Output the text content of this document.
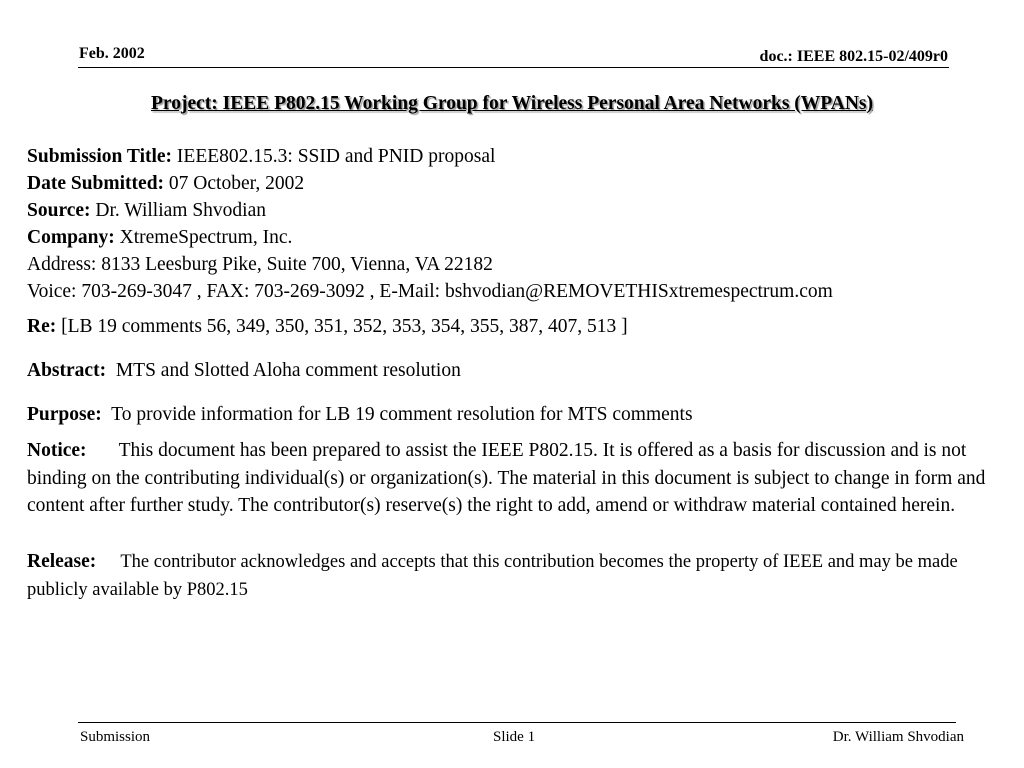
Feb. 2002	doc.: IEEE 802.15-02/409r0
Project: IEEE P802.15 Working Group for Wireless Personal Area Networks (WPANs)
Submission Title: IEEE802.15.3: SSID and PNID proposal
Date Submitted: 07 October, 2002
Source: Dr. William Shvodian
Company: XtremeSpectrum, Inc.
Address: 8133 Leesburg Pike, Suite 700, Vienna, VA 22182
Voice: 703-269-3047 , FAX: 703-269-3092 , E-Mail: bshvodian@REMOVETHISxtremespectrum.com
Re: [LB 19 comments 56, 349, 350, 351, 352, 353, 354, 355, 387, 407, 513 ]
Abstract: MTS and Slotted Aloha comment resolution
Purpose: To provide information for LB 19 comment resolution for MTS comments
Notice: This document has been prepared to assist the IEEE P802.15. It is offered as a basis for discussion and is not binding on the contributing individual(s) or organization(s). The material in this document is subject to change in form and content after further study. The contributor(s) reserve(s) the right to add, amend or withdraw material contained herein.
Release: The contributor acknowledges and accepts that this contribution becomes the property of IEEE and may be made publicly available by P802.15
Submission	Slide 1	Dr. William Shvodian
